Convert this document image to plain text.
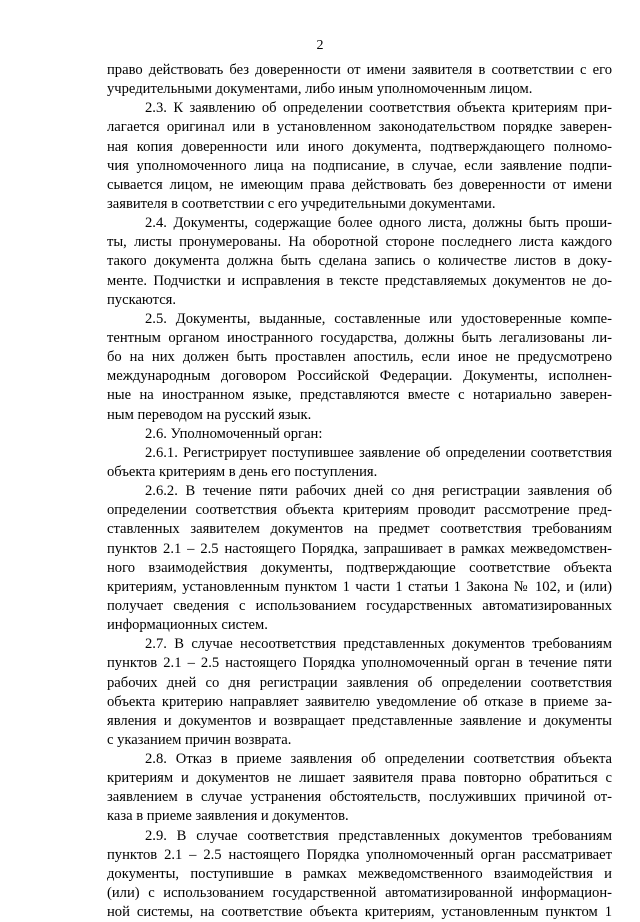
2
право действовать без доверенности от имени заявителя в соответствии с его
учредительными документами, либо иным уполномоченным лицом.
2.3. К заявлению об определении соответствия объекта критериям при-
лагается оригинал или в установленном законодательством порядке заверен-
ная копия доверенности или иного документа, подтверждающего полномо-
чия уполномоченного лица на подписание, в случае, если заявление подпи-
сывается лицом, не имеющим права действовать без доверенности от имени
заявителя в соответствии с его учредительными документами.
2.4. Документы, содержащие более одного листа, должны быть проши-
ты, листы пронумерованы. На оборотной стороне последнего листа каждого
такого документа должна быть сделана запись о количестве листов в доку-
менте. Подчистки и исправления в тексте представляемых документов не до-
пускаются.
2.5. Документы, выданные, составленные или удостоверенные компе-
тентным органом иностранного государства, должны быть легализованы ли-
бо на них должен быть проставлен апостиль, если иное не предусмотрено
международным договором Российской Федерации. Документы, исполнен-
ные на иностранном языке, представляются вместе с нотариально заверен-
ным переводом на русский язык.
2.6. Уполномоченный орган:
2.6.1. Регистрирует поступившее заявление об определении соответствия
объекта критериям в день его поступления.
2.6.2. В течение пяти рабочих дней со дня регистрации заявления об
определении соответствия объекта критериям проводит рассмотрение пред-
ставленных заявителем документов на предмет соответствия требованиям
пунктов 2.1 – 2.5 настоящего Порядка, запрашивает в рамках межведомствен-
ного взаимодействия документы, подтверждающие соответствие объекта
критериям, установленным пунктом 1 части 1 статьи 1 Закона № 102, и (или)
получает сведения с использованием государственных автоматизированных
информационных систем.
2.7. В случае несоответствия представленных документов требованиям
пунктов 2.1 – 2.5 настоящего Порядка уполномоченный орган в течение пяти
рабочих дней со дня регистрации заявления об определении соответствия
объекта критерию направляет заявителю уведомление об отказе в приеме за-
явления и документов и возвращает представленные заявление и документы
с указанием причин возврата.
2.8. Отказ в приеме заявления об определении соответствия объекта
критериям и документов не лишает заявителя права повторно обратиться с
заявлением в случае устранения обстоятельств, послуживших причиной от-
каза в приеме заявления и документов.
2.9. В случае соответствия представленных документов требованиям
пунктов 2.1 – 2.5 настоящего Порядка уполномоченный орган рассматривает
документы, поступившие в рамках межведомственного взаимодействия и
(или) с использованием государственной автоматизированной информацион-
ной системы, на соответствие объекта критериям, установленным пунктом 1
